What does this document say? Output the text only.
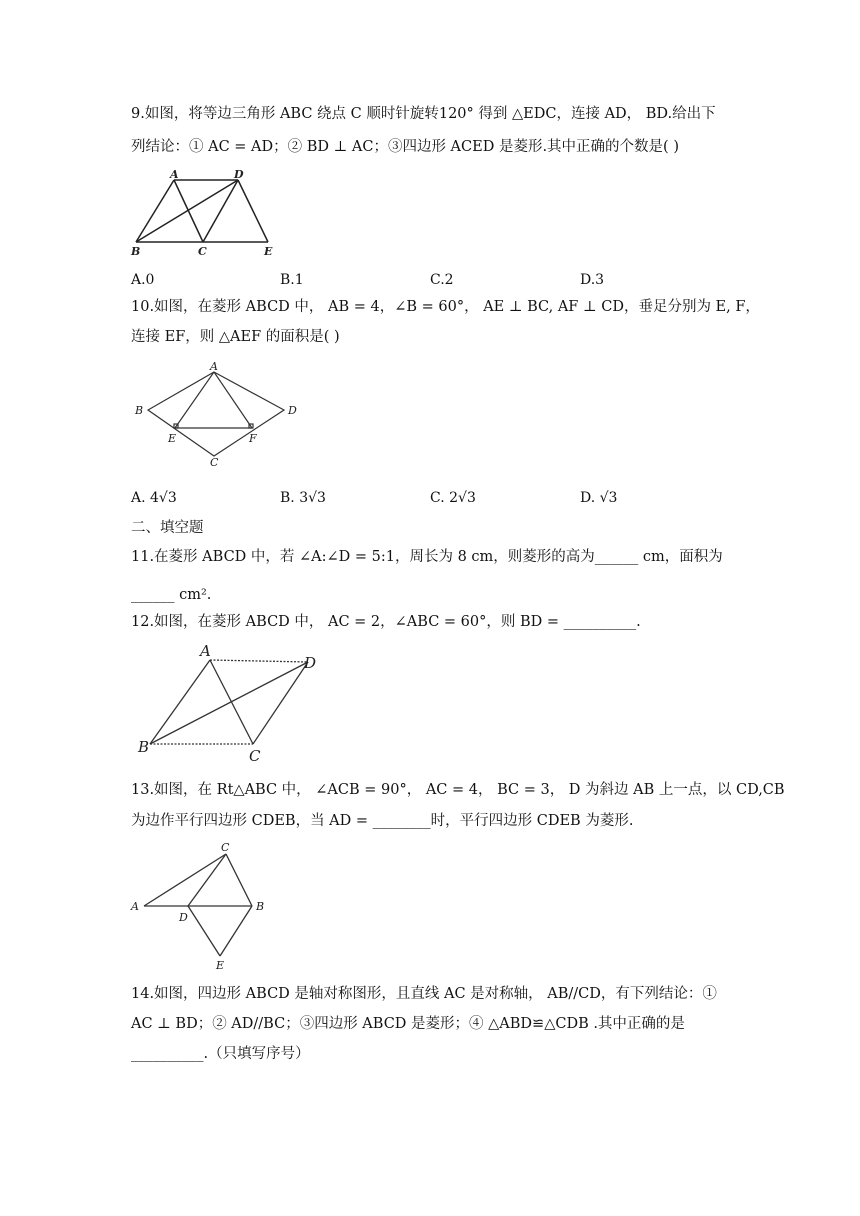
9.如图，将等边三角形 ABC 绕点 C 顺时针旋转120° 得到 △EDC，连接 AD， BD.给出下
列结论：① AC = AD；② BD ⊥ AC；③四边形 ACED 是菱形.其中正确的个数是( )
A	D
B	C	E
A.0	B.1	C.2	D.3
10.如图，在菱形 ABCD 中， AB = 4，∠B = 60°， AE ⊥ BC, AF ⊥ CD，垂足分别为 E, F，
连接 EF，则 △AEF 的面积是( )
A
B	D
E	F
C
A. 4√3	B. 3√3	C. 2√3	D. √3
二、填空题
11.在菱形 ABCD 中，若 ∠A:∠D = 5:1，周长为 8 cm，则菱形的高为______ cm，面积为
______ cm².
12.如图，在菱形 ABCD 中， AC = 2，∠ABC = 60°，则 BD = __________.
A
D
B	C
13.如图，在 Rt△ABC 中， ∠ACB = 90°， AC = 4， BC = 3， D 为斜边 AB 上一点，以 CD,CB
为边作平行四边形 CDEB，当 AD = ________时，平行四边形 CDEB 为菱形.
C
A
D
B
E
14.如图，四边形 ABCD 是轴对称图形，且直线 AC 是对称轴， AB//CD，有下列结论：①
AC ⊥ BD；② AD//BC；③四边形 ABCD 是菱形；④ △ABD≌△CDB .其中正确的是
__________.（只填写序号）
